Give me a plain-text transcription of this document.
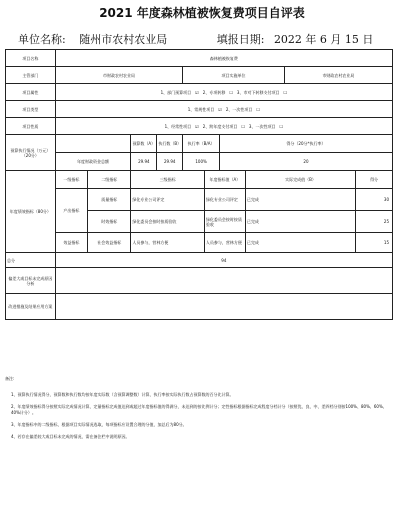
2021 年度森林植被恢复费项目自评表
单位名称: 随州市农村农业局	填报日期: 2022 年 6 月 15 日
项目名称	森林植被恢复费									
主管部门	市财政农村农业局				项目实施单位				市财政农村农业局	
项目属性	1、部门预算项目　☑　2、专项转移　☐　3、市对下转移支付项目　☐									
项目类型	1、常规性项目　☑　2、一次性项目　☐									
项目性质	1、经常性项目　☑　2、跨年度支付项目　☐　3、一次性项目　☐									
预算执行情况（万元）（20分）			预算数（A）	执行数（B）	执行率（B/A）		得分（20分*执行率）			
	年度财政资金总额		29.94	29.94	100%		20			
年度绩效指标（80分）	一级指标	二级指标	三级指标			年度指标值（A）		实际完成值（B）		得分
	产出指标	质量指标	绿化专业公司评定			绿化专业公司评定		已完成		30
		时效指标	绿化委员会按时按质验收			绿化委员会按时按质验收		已完成		25
	效益指标	社会效益指标	人员参与，营林方便			人员参与，营林方便		已完成		15
总分	94									
偏差大或目标未完成原因分析										
改进措施及结果应用方案										

备注:

1、预算执行情况得分，预算数和执行数均按年度实际数（含预算调整数）计算，执行率按实际执行数占预算数的百分比计算。

2、年度绩效指标得分按照实际完成情况计算，定量指标完成值达到或超过年度指标值的得满分，未达到的按比例计分；定性指标根据指标完成程度分档计分（按照优、良、中、差四档分别按100%、80%、60%、40%计分）。

3、年度指标中的二级指标，根据项目实际情况选取，每项指标应设置合理的分值，加总后为80分。

4、若存在偏差较大或目标未完成的情况，需在备注栏中说明原因。
